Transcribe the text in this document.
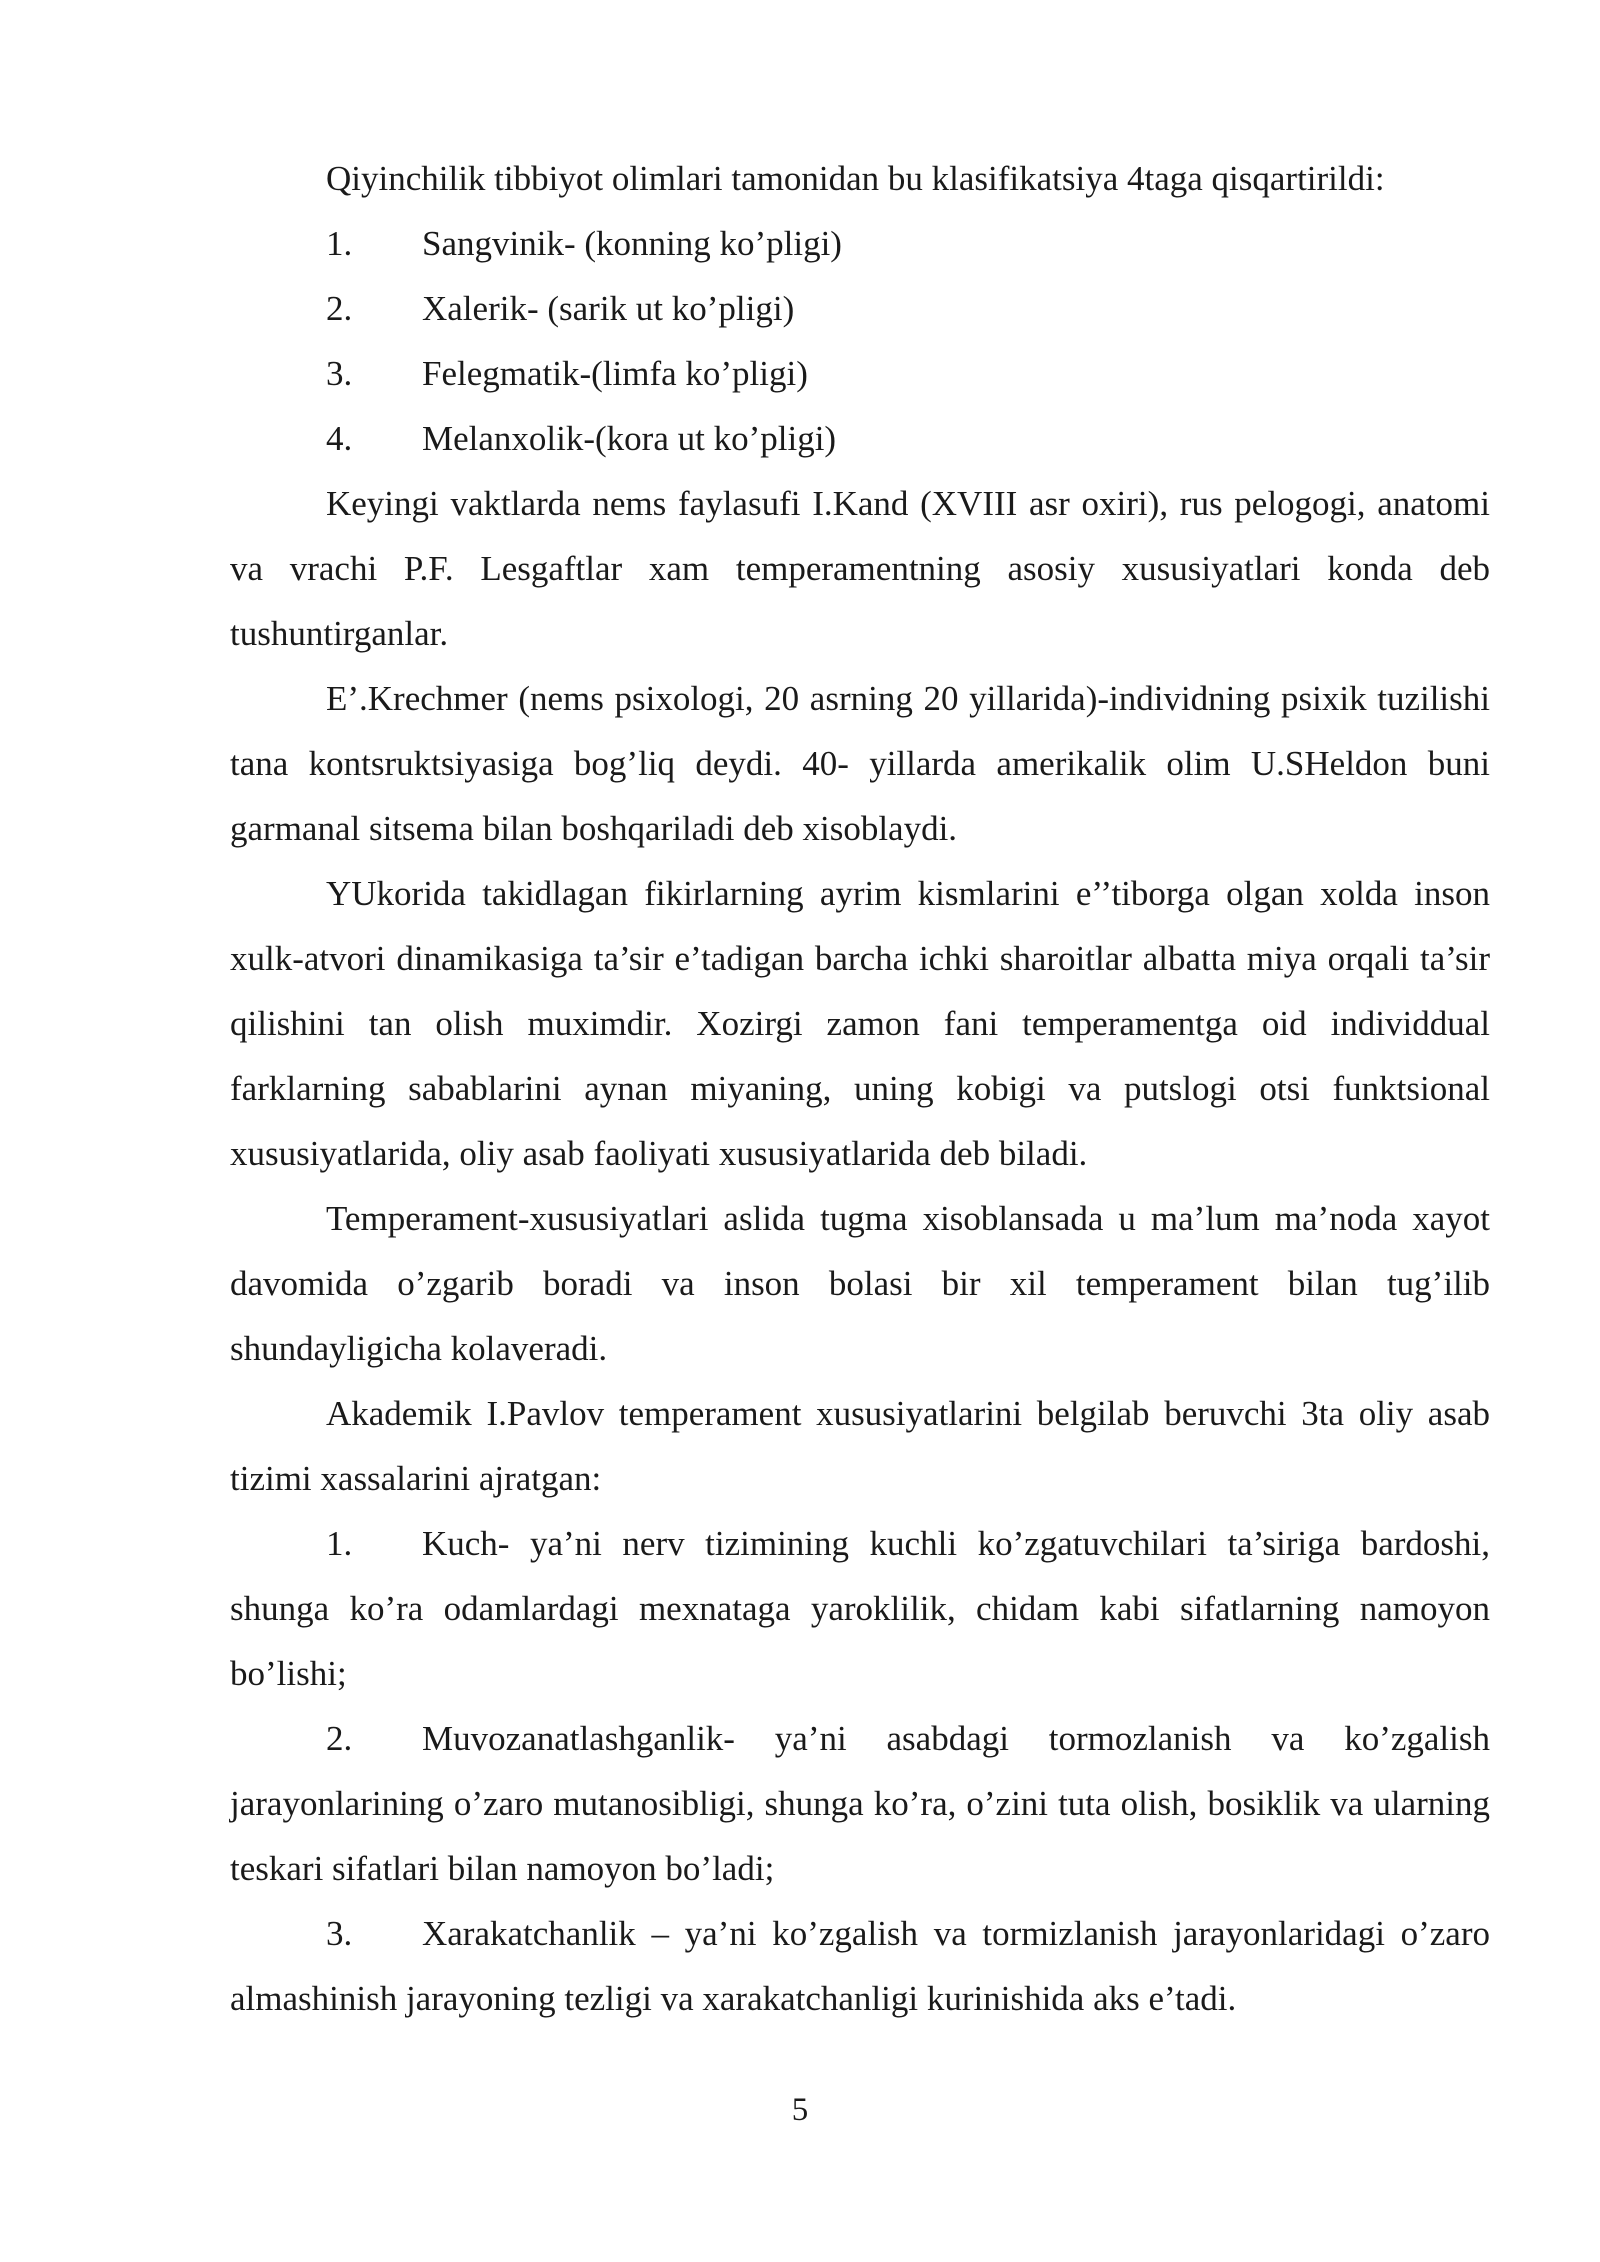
Qiyinchilik tibbiyot olimlari tamonidan bu klasifikatsiya 4taga qisqartirildi:

1. Sangvinik- (konning ko’pligi)
2. Xalerik- (sarik ut ko’pligi)
3. Felegmatik-(limfa ko’pligi)
4. Melanxolik-(kora ut ko’pligi)

Keyingi vaktlarda nems faylasufi I.Kand (XVIII asr oxiri), rus pelogogi, anatomi va vrachi P.F. Lesgaftlar xam temperamentning asosiy xususiyatlari konda deb tushuntirganlar.

E’.Krechmer (nems psixologi, 20 asrning 20 yillarida)-individning psixik tuzilishi tana kontsruktsiyasiga bog’liq deydi. 40- yillarda amerikalik olim U.SHeldon buni garmanal sitsema bilan boshqariladi deb xisoblaydi.

YUkorida takidlagan fikirlarning ayrim kismlarini e’’tiborga olgan xolda inson xulk-atvori dinamikasiga ta’sir e’tadigan barcha ichki sharoitlar albatta miya orqali ta’sir qilishini tan olish muximdir. Xozirgi zamon fani temperamentga oid individdual farklarning sabablarini aynan miyaning, uning kobigi va putslogi otsi funktsional xususiyatlarida, oliy asab faoliyati xususiyatlarida deb biladi.

Temperament-xususiyatlari aslida tugma xisoblansada u ma’lum ma’noda xayot davomida o’zgarib boradi va inson bolasi bir xil temperament bilan tug’ilib shundayligicha kolaveradi.

Akademik I.Pavlov temperament xususiyatlarini belgilab beruvchi 3ta oliy asab tizimi xassalarini ajratgan:

1. Kuch- ya’ni nerv tizimining kuchli ko’zgatuvchilari ta’siriga bardoshi, shunga ko’ra odamlardagi mexnataga yaroklilik, chidam kabi sifatlarning namoyon bo’lishi;

2. Muvozanatlashganlik- ya’ni asabdagi tormozlanish va ko’zgalish jarayonlarining o’zaro mutanosibligi, shunga ko’ra, o’zini tuta olish, bosiklik va ularning teskari sifatlari bilan namoyon bo’ladi;

3. Xarakatchanlik – ya’ni ko’zgalish va tormizlanish jarayonlaridagi o’zaro almashinish jarayoning tezligi va xarakatchanligi kurinishida aks e’tadi.

5
